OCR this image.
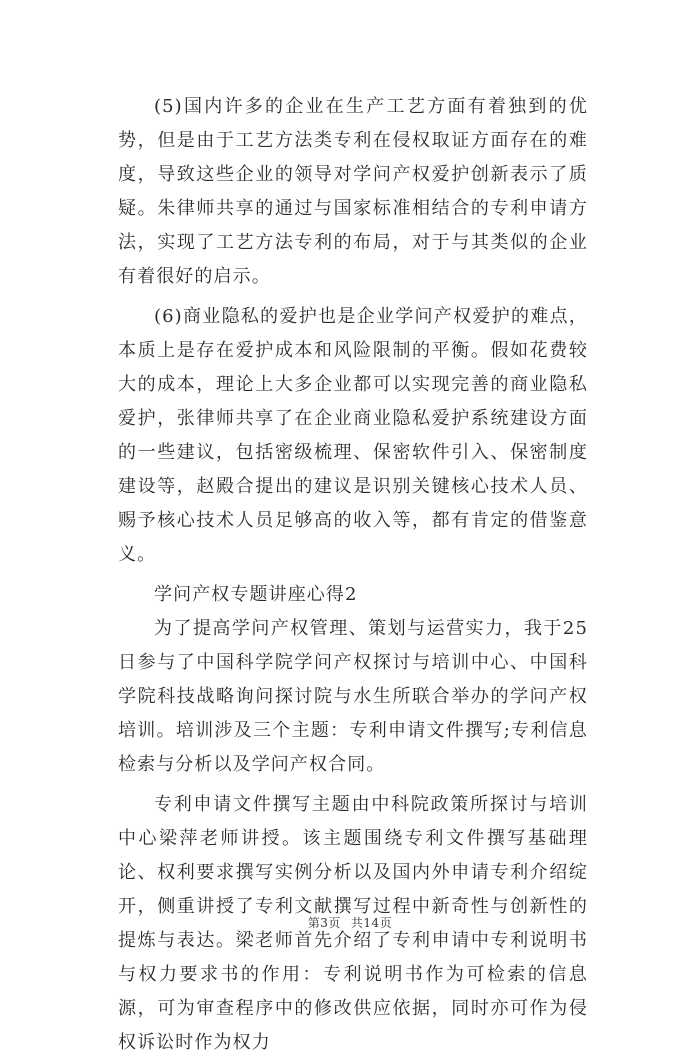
(5)国内许多的企业在生产工艺方面有着独到的优势，但是由于工艺方法类专利在侵权取证方面存在的难度，导致这些企业的领导对学问产权爱护创新表示了质疑。朱律师共享的通过与国家标准相结合的专利申请方法，实现了工艺方法专利的布局，对于与其类似的企业有着很好的启示。

(6)商业隐私的爱护也是企业学问产权爱护的难点，本质上是存在爱护成本和风险限制的平衡。假如花费较大的成本，理论上大多企业都可以实现完善的商业隐私爱护，张律师共享了在企业商业隐私爱护系统建设方面的一些建议，包括密级梳理、保密软件引入、保密制度建设等，赵殿合提出的建议是识别关键核心技术人员、赐予核心技术人员足够高的收入等，都有肯定的借鉴意义。

学问产权专题讲座心得2

为了提高学问产权管理、策划与运营实力，我于25日参与了中国科学院学问产权探讨与培训中心、中国科学院科技战略询问探讨院与水生所联合举办的学问产权培训。培训涉及三个主题：专利申请文件撰写;专利信息检索与分析以及学问产权合同。

专利申请文件撰写主题由中科院政策所探讨与培训中心梁萍老师讲授。该主题围绕专利文件撰写基础理论、权利要求撰写实例分析以及国内外申请专利介绍绽开，侧重讲授了专利文献撰写过程中新奇性与创新性的提炼与表达。梁老师首先介绍了专利申请中专利说明书与权力要求书的作用：专利说明书作为可检索的信息源，可为审查程序中的修改供应依据，同时亦可作为侵权诉讼时作为权力

第3页 共14页
